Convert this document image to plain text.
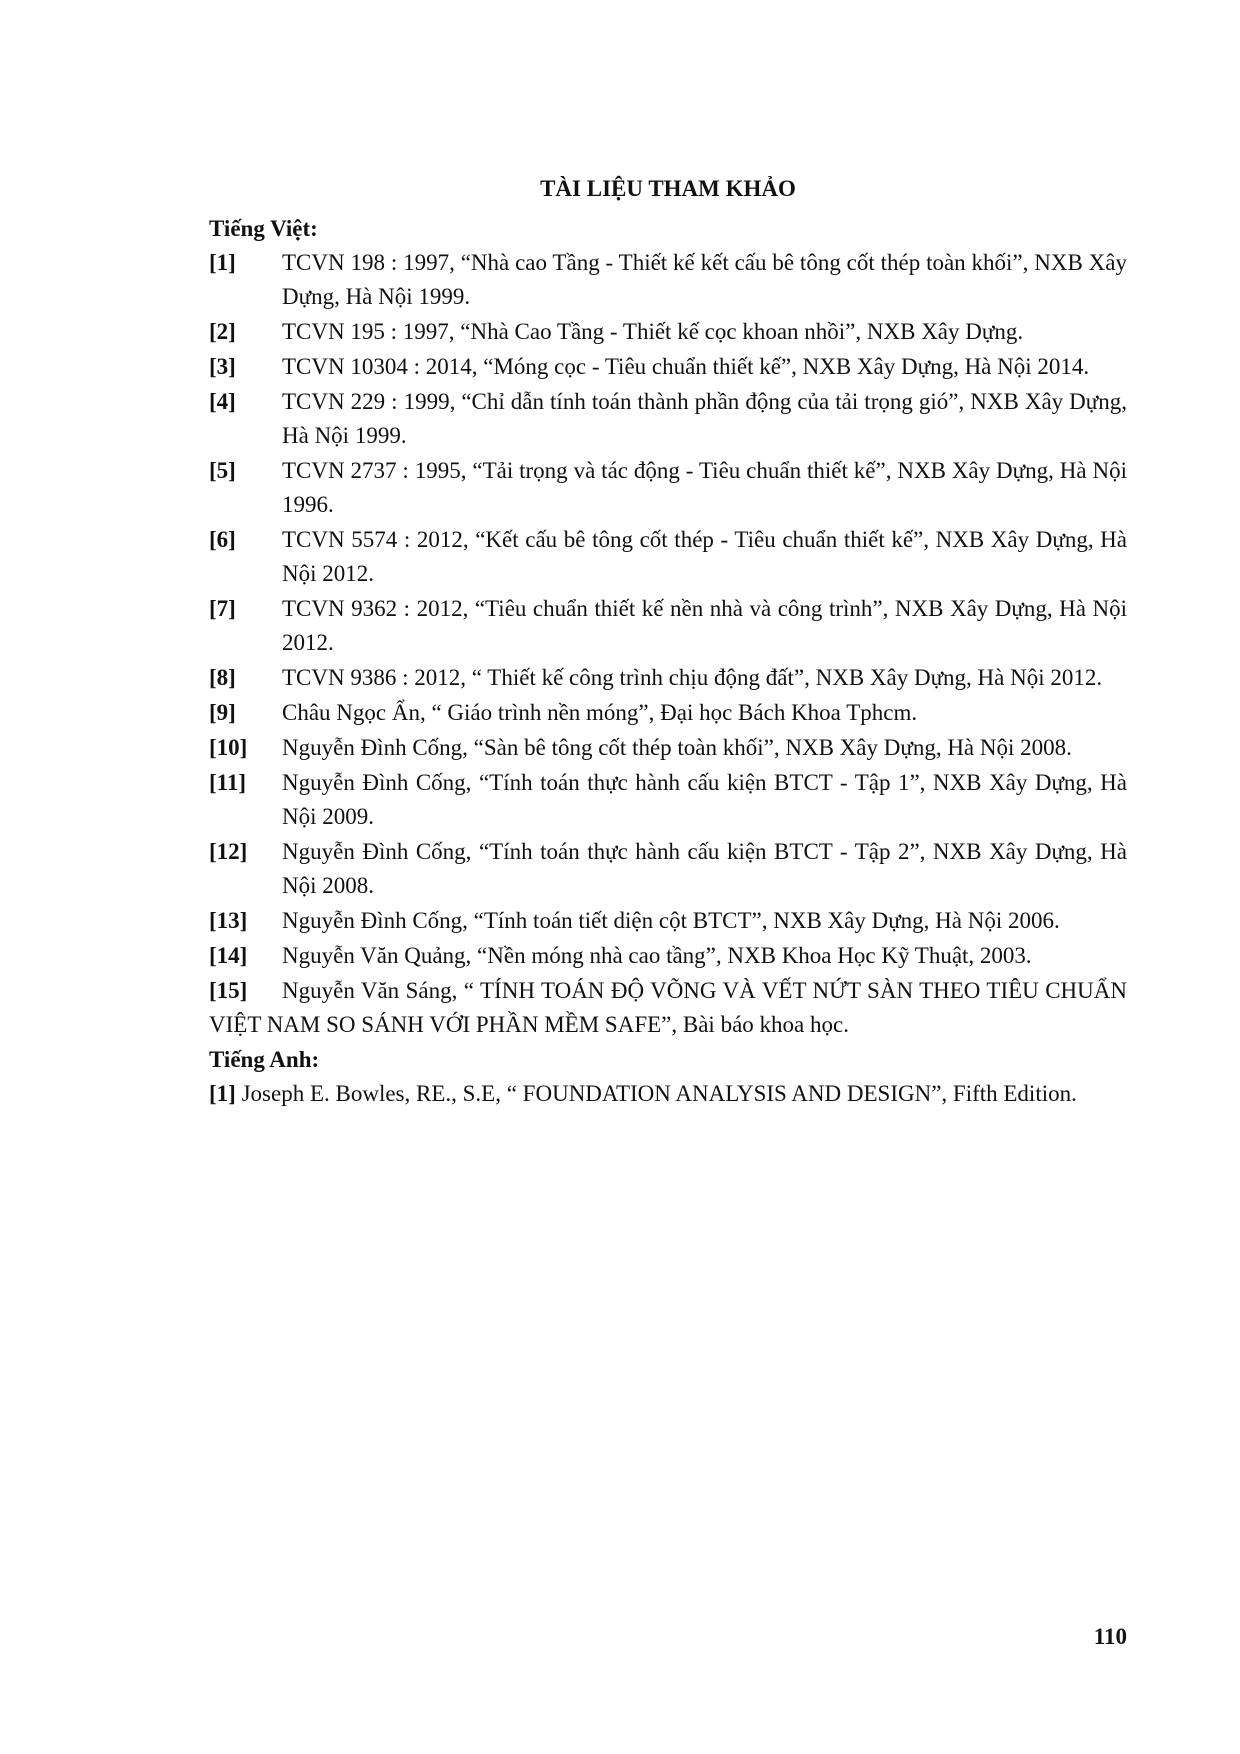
TÀI LIỆU THAM KHẢO
Tiếng Việt:
[1]	TCVN 198 : 1997, “Nhà cao Tầng - Thiết kế kết cấu bê tông cốt thép toàn khối”, NXB Xây Dựng, Hà Nội 1999.
[2]	TCVN 195 : 1997, “Nhà Cao Tầng - Thiết kế cọc khoan nhồi”, NXB Xây Dựng.
[3]	TCVN 10304 : 2014, “Móng cọc - Tiêu chuẩn thiết kế”, NXB Xây Dựng, Hà Nội 2014.
[4]	TCVN 229 : 1999, “Chỉ dẫn tính toán thành phần động của tải trọng gió”, NXB Xây Dựng, Hà Nội 1999.
[5]	TCVN 2737 : 1995, “Tải trọng và tác động - Tiêu chuẩn thiết kế”, NXB Xây Dựng, Hà Nội 1996.
[6]	TCVN 5574 : 2012, “Kết cấu bê tông cốt thép - Tiêu chuẩn thiết kế”, NXB Xây Dựng, Hà Nội 2012.
[7]	TCVN 9362 : 2012, “Tiêu chuẩn thiết kế nền nhà và công trình”, NXB Xây Dựng, Hà Nội 2012.
[8]	TCVN 9386 : 2012, “ Thiết kế công trình chịu động đất”, NXB Xây Dựng, Hà Nội 2012.
[9]	Châu Ngọc Ẩn, “ Giáo trình nền móng”, Đại học Bách Khoa Tphcm.
[10]	Nguyễn Đình Cống, “Sàn bê tông cốt thép toàn khối”, NXB Xây Dựng, Hà Nội 2008.
[11]	Nguyễn Đình Cống, “Tính toán thực hành cấu kiện BTCT - Tập 1”, NXB Xây Dựng, Hà Nội 2009.
[12]	Nguyễn Đình Cống, “Tính toán thực hành cấu kiện BTCT - Tập 2”, NXB Xây Dựng, Hà Nội 2008.
[13]	Nguyễn Đình Cống, “Tính toán tiết diện cột BTCT”, NXB Xây Dựng, Hà Nội 2006.
[14]	Nguyễn Văn Quảng, “Nền móng nhà cao tầng”, NXB Khoa Học Kỹ Thuật, 2003.
[15] Nguyễn Văn Sáng, “ TÍNH TOÁN ĐỘ VÕNG VÀ VẾT NỨT SÀN THEO TIÊU CHUẨN VIỆT NAM SO SÁNH VỚI PHẦN MỀM SAFE”, Bài báo khoa học.
Tiếng Anh:
[1] Joseph E. Bowles, RE., S.E, “ FOUNDATION ANALYSIS AND DESIGN”, Fifth Edition.
110
